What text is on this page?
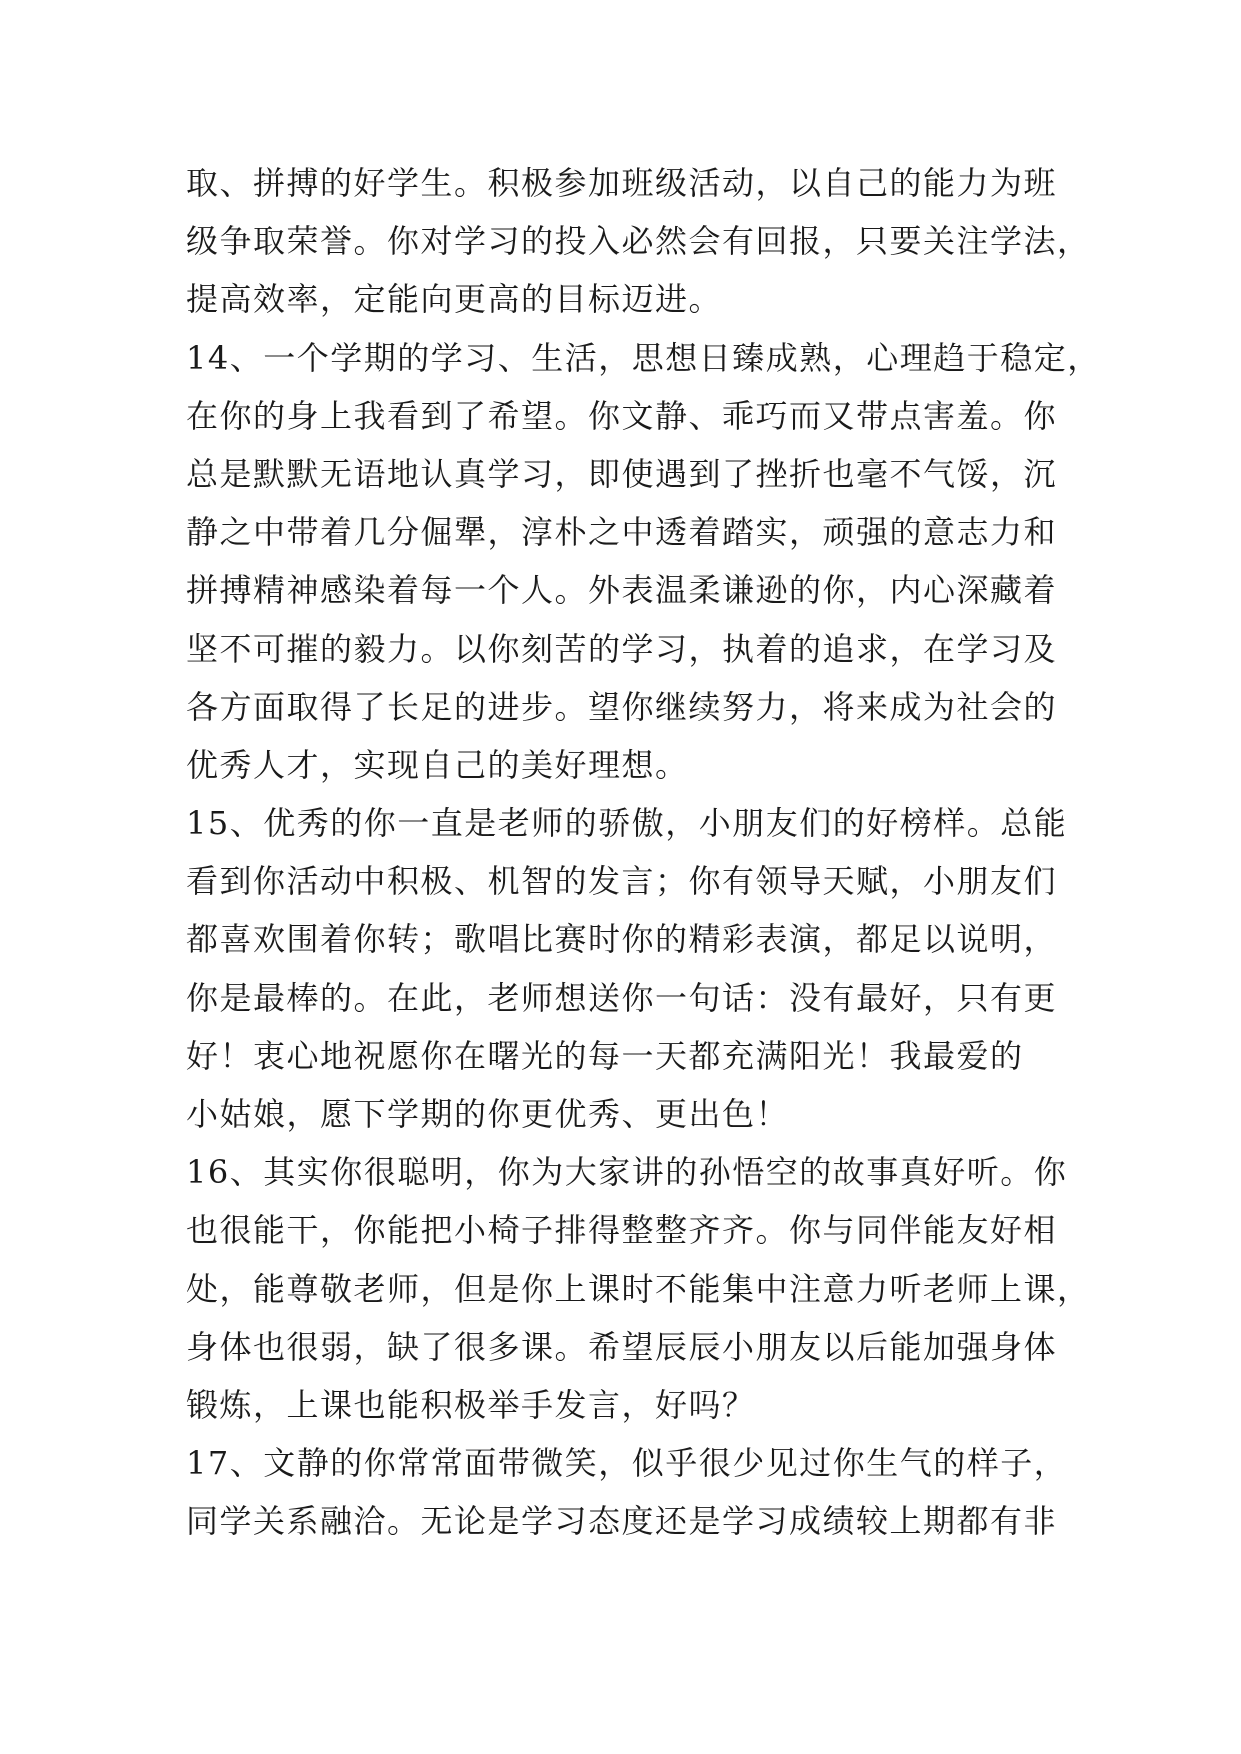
取、拼搏的好学生。积极参加班级活动，以自己的能力为班
级争取荣誉。你对学习的投入必然会有回报，只要关注学法，
提高效率，定能向更高的目标迈进。
14、一个学期的学习、生活，思想日臻成熟，心理趋于稳定，
在你的身上我看到了希望。你文静、乖巧而又带点害羞。你
总是默默无语地认真学习，即使遇到了挫折也毫不气馁，沉
静之中带着几分倔犟，淳朴之中透着踏实，顽强的意志力和
拼搏精神感染着每一个人。外表温柔谦逊的你，内心深藏着
坚不可摧的毅力。以你刻苦的学习，执着的追求，在学习及
各方面取得了长足的进步。望你继续努力，将来成为社会的
优秀人才，实现自己的美好理想。
15、优秀的你一直是老师的骄傲，小朋友们的好榜样。总能
看到你活动中积极、机智的发言；你有领导天赋，小朋友们
都喜欢围着你转；歌唱比赛时你的精彩表演，都足以说明，
你是最棒的。在此，老师想送你一句话：没有最好，只有更
好！衷心地祝愿你在曙光的每一天都充满阳光！我最爱的
小姑娘，愿下学期的你更优秀、更出色！
16、其实你很聪明，你为大家讲的孙悟空的故事真好听。你
也很能干，你能把小椅子排得整整齐齐。你与同伴能友好相
处，能尊敬老师，但是你上课时不能集中注意力听老师上课，
身体也很弱，缺了很多课。希望辰辰小朋友以后能加强身体
锻炼，上课也能积极举手发言，好吗？
17、文静的你常常面带微笑，似乎很少见过你生气的样子，
同学关系融洽。无论是学习态度还是学习成绩较上期都有非
